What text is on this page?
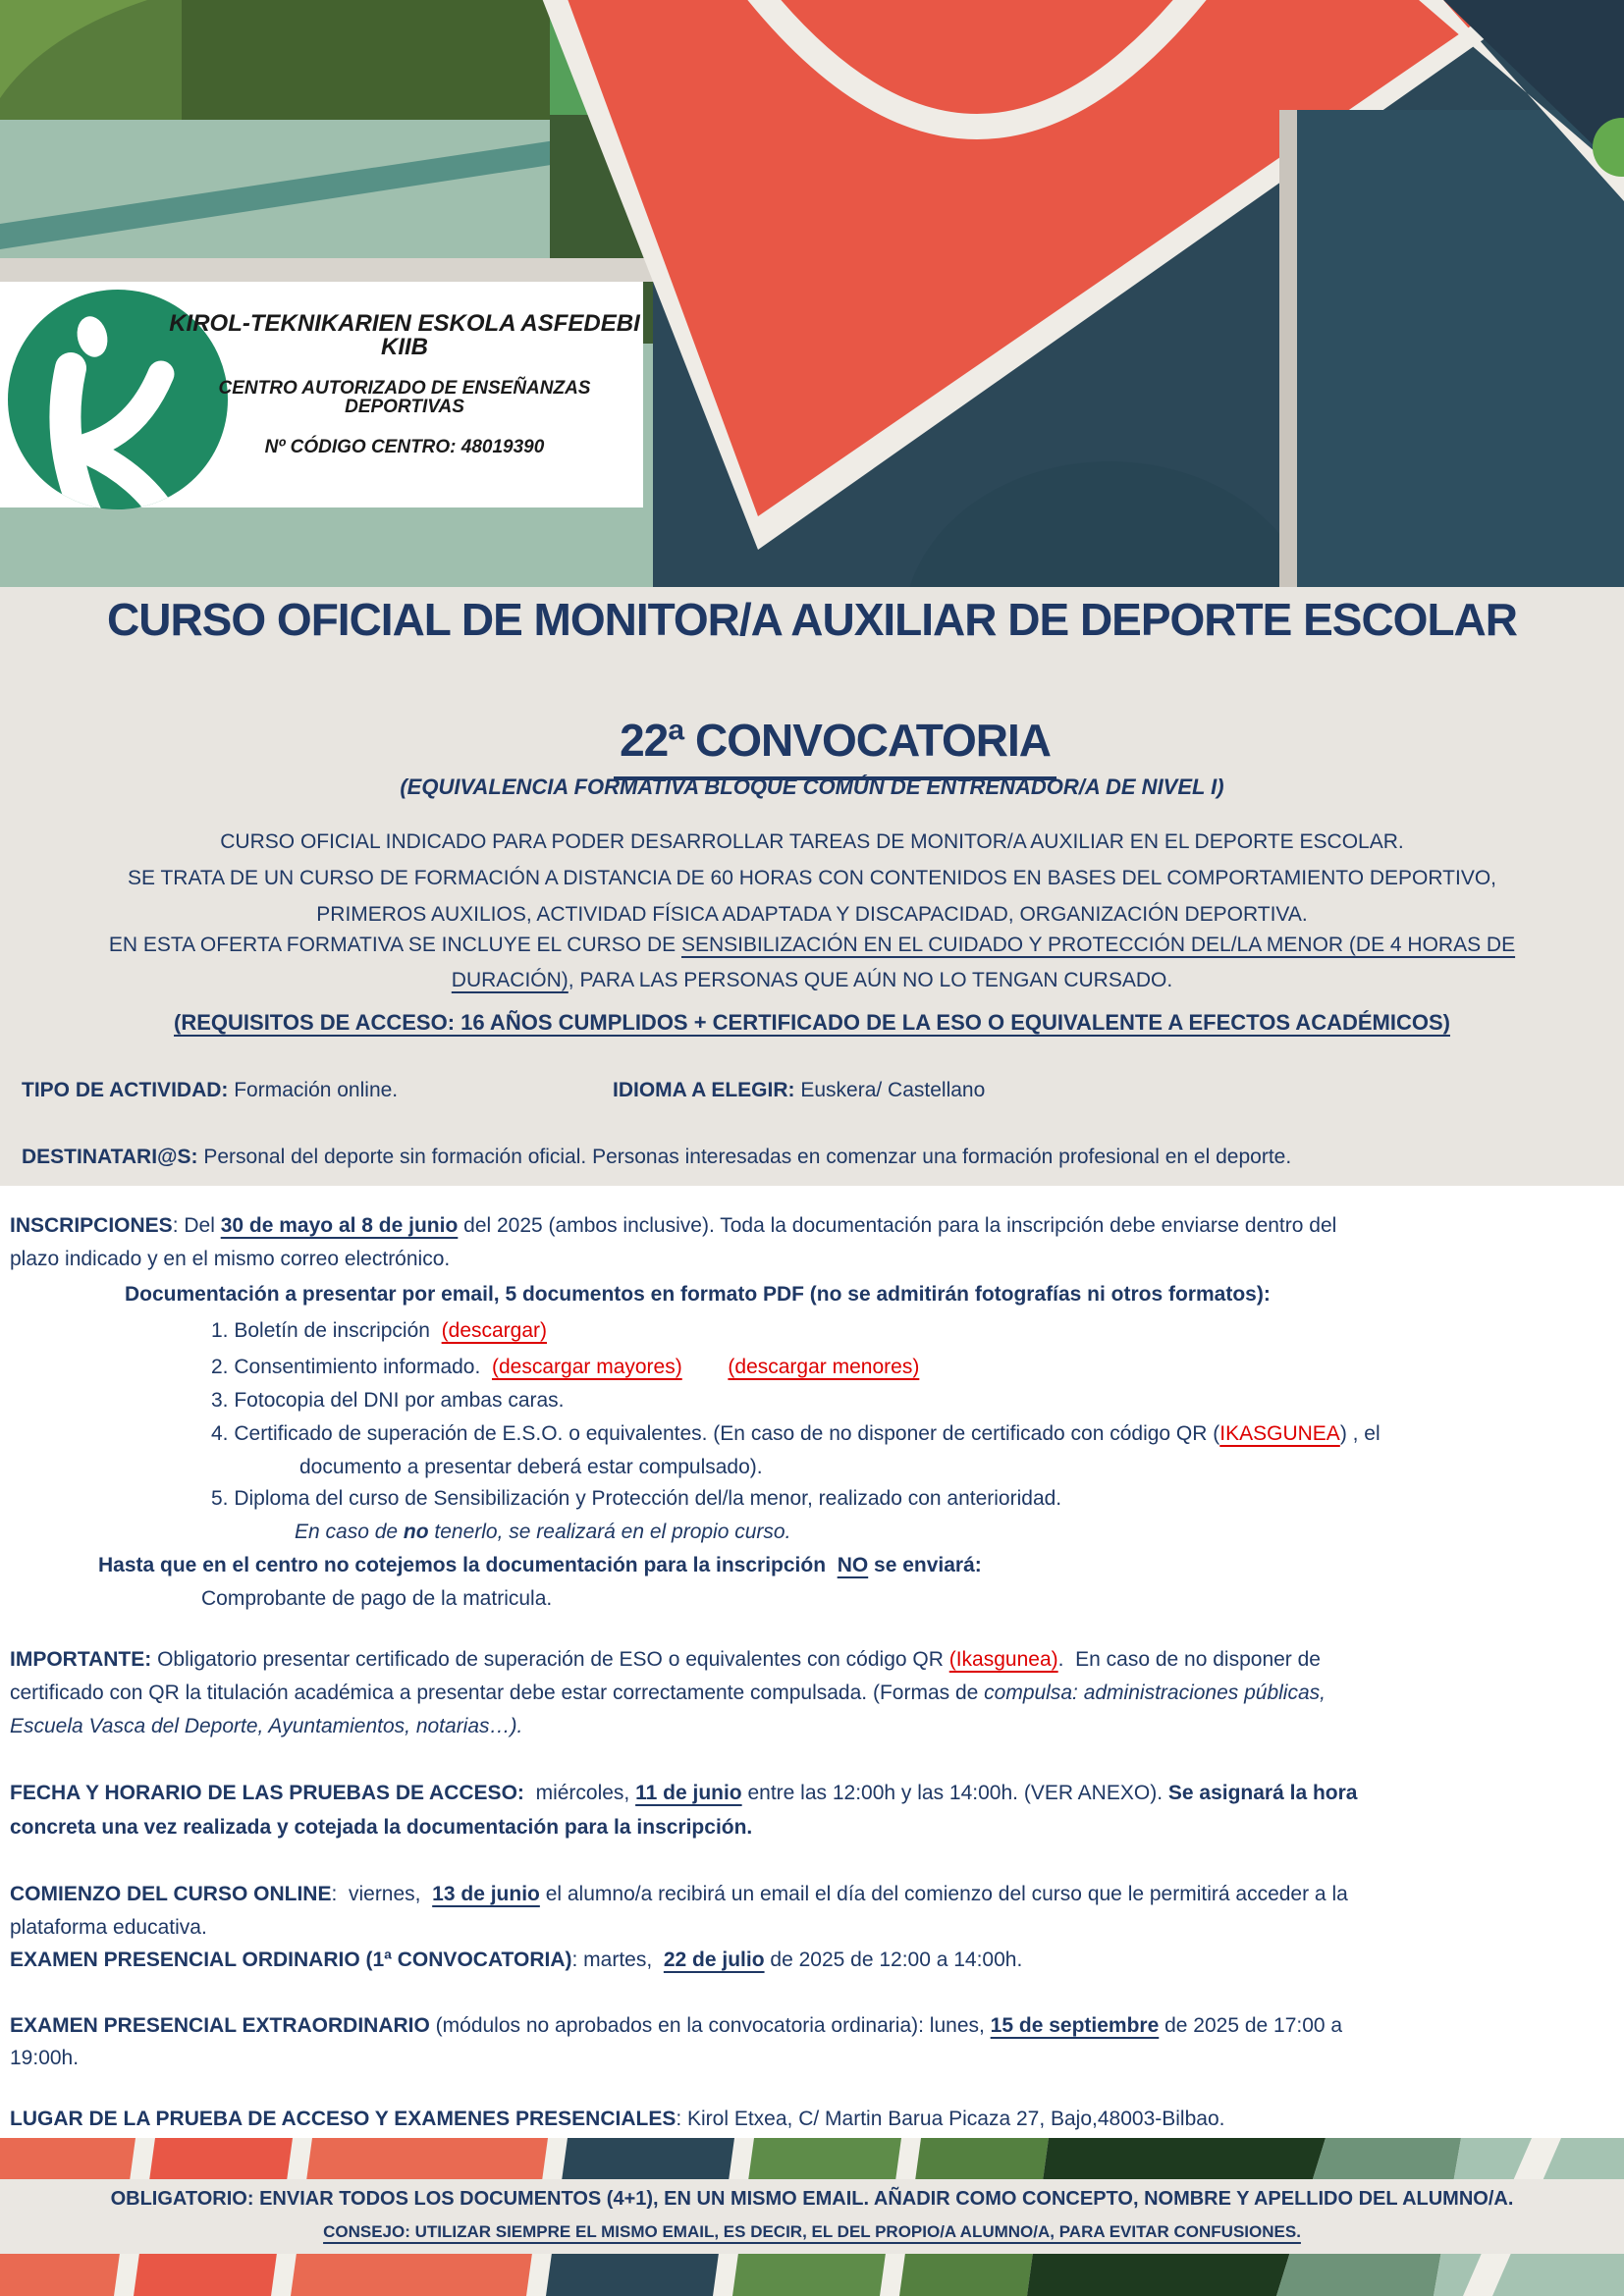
KIROL-TEKNIKARIEN ESKOLA ASFEDEBI KIIB
CENTRO AUTORIZADO DE ENSEÑANZAS DEPORTIVAS
Nº CÓDIGO CENTRO: 48019390
CURSO OFICIAL DE MONITOR/A AUXILIAR DE DEPORTE ESCOLAR

22ª CONVOCATORIA

(EQUIVALENCIA FORMATIVA BLOQUE COMÚN DE ENTRENADOR/A DE NIVEL I)
CURSO OFICIAL INDICADO PARA PODER DESARROLLAR TAREAS DE MONITOR/A AUXILIAR EN EL DEPORTE ESCOLAR.
SE TRATA DE UN CURSO DE FORMACIÓN A DISTANCIA DE 60 HORAS CON CONTENIDOS EN BASES DEL COMPORTAMIENTO DEPORTIVO,
PRIMEROS AUXILIOS, ACTIVIDAD FÍSICA ADAPTADA Y DISCAPACIDAD, ORGANIZACIÓN DEPORTIVA.
EN ESTA OFERTA FORMATIVA SE INCLUYE EL CURSO DE SENSIBILIZACIÓN EN EL CUIDADO Y PROTECCIÓN DEL/LA MENOR (DE 4 HORAS DE
DURACIÓN), PARA LAS PERSONAS QUE AÚN NO LO TENGAN CURSADO.
(REQUISITOS DE ACCESO: 16 AÑOS CUMPLIDOS + CERTIFICADO DE LA ESO O EQUIVALENTE A EFECTOS ACADÉMICOS)
TIPO DE ACTIVIDAD: Formación online.	IDIOMA A ELEGIR: Euskera/ Castellano
DESTINATARI@S: Personal del deporte sin formación oficial. Personas interesadas en comenzar una formación profesional en el deporte.
INSCRIPCIONES: Del 30 de mayo al 8 de junio del 2025 (ambos inclusive). Toda la documentación para la inscripción debe enviarse dentro del
plazo indicado y en el mismo correo electrónico.
Documentación a presentar por email, 5 documentos en formato PDF (no se admitirán fotografías ni otros formatos):
1. Boletín de inscripción  (descargar)
2. Consentimiento informado.  (descargar mayores) (descargar menores)
3. Fotocopia del DNI por ambas caras.
4. Certificado de superación de E.S.O. o equivalentes. (En caso de no disponer de certificado con código QR (IKASGUNEA) , el
documento a presentar deberá estar compulsado).
5. Diploma del curso de Sensibilización y Protección del/la menor, realizado con anterioridad.
En caso de no tenerlo, se realizará en el propio curso.
Hasta que en el centro no cotejemos la documentación para la inscripción  NO se enviará:
Comprobante de pago de la matricula.
IMPORTANTE: Obligatorio presentar certificado de superación de ESO o equivalentes con código QR (Ikasgunea).  En caso de no disponer de
certificado con QR la titulación académica a presentar debe estar correctamente compulsada. (Formas de compulsa: administraciones públicas,
Escuela Vasca del Deporte, Ayuntamientos, notarias…).
FECHA Y HORARIO DE LAS PRUEBAS DE ACCESO:  miércoles, 11 de junio entre las 12:00h y las 14:00h. (VER ANEXO). Se asignará la hora
concreta una vez realizada y cotejada la documentación para la inscripción.
COMIENZO DEL CURSO ONLINE:  viernes,  13 de junio el alumno/a recibirá un email el día del comienzo del curso que le permitirá acceder a la
plataforma educativa.
EXAMEN PRESENCIAL ORDINARIO (1ª CONVOCATORIA): martes,  22 de julio de 2025 de 12:00 a 14:00h.
EXAMEN PRESENCIAL EXTRAORDINARIO (módulos no aprobados en la convocatoria ordinaria): lunes, 15 de septiembre de 2025 de 17:00 a
19:00h.
LUGAR DE LA PRUEBA DE ACCESO Y EXAMENES PRESENCIALES: Kirol Etxea, C/ Martin Barua Picaza 27, Bajo,48003-Bilbao.
OBLIGATORIO: ENVIAR TODOS LOS DOCUMENTOS (4+1), EN UN MISMO EMAIL. AÑADIR COMO CONCEPTO, NOMBRE Y APELLIDO DEL ALUMNO/A.
CONSEJO: UTILIZAR SIEMPRE EL MISMO EMAIL, ES DECIR, EL DEL PROPIO/A ALUMNO/A, PARA EVITAR CONFUSIONES.
